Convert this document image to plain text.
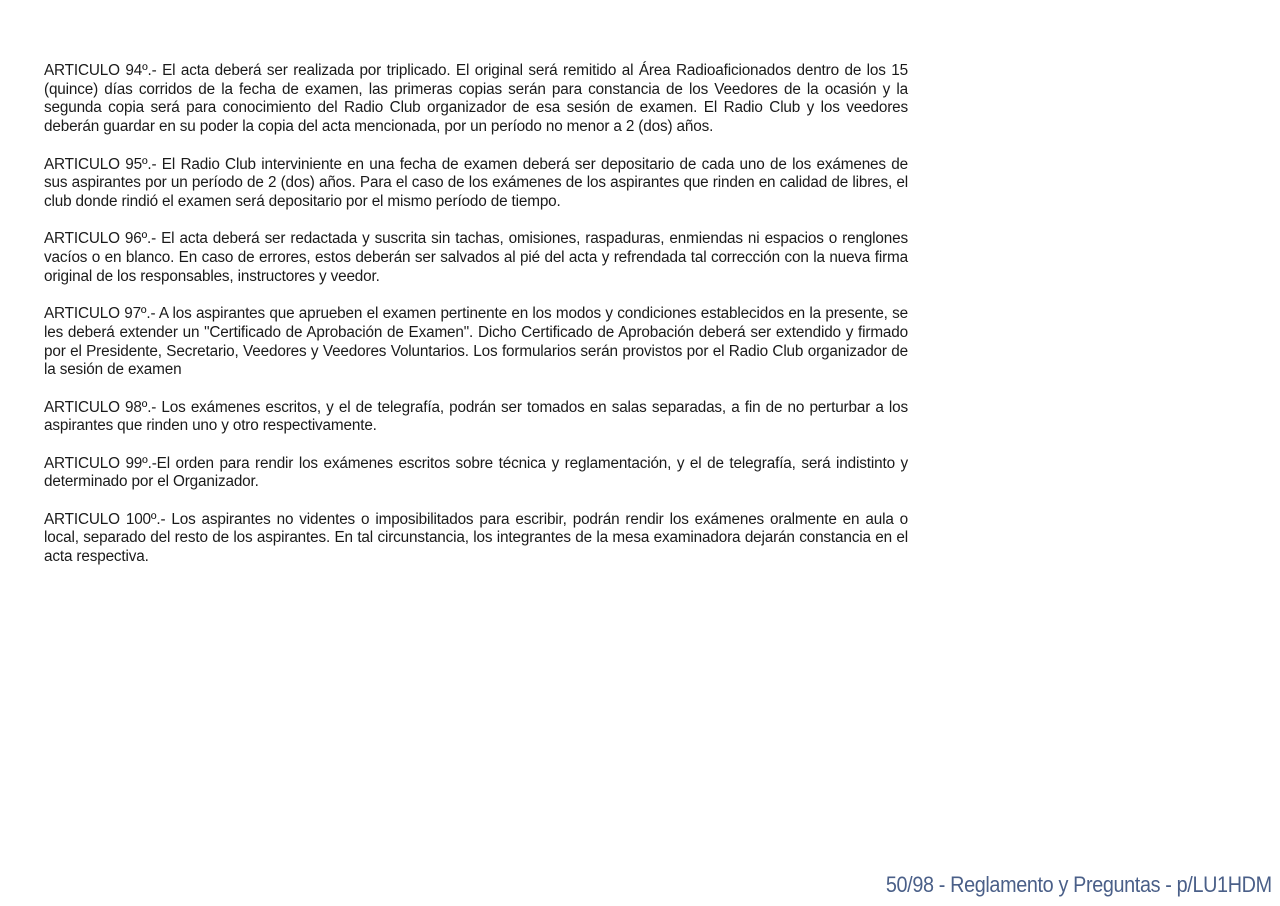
ARTICULO 94º.- El acta deberá ser realizada por triplicado. El original será remitido al Área Radioaficionados dentro de los 15 (quince) días corridos de la fecha de examen, las primeras copias serán para constancia de los Veedores de la ocasión y la segunda copia será para conocimiento del Radio Club organizador de esa sesión de examen. El Radio Club y los veedores deberán guardar en su poder la copia del acta mencionada, por un período no menor a 2 (dos) años.

ARTICULO 95º.- El Radio Club interviniente en una fecha de examen deberá ser depositario de cada uno de los exámenes de sus aspirantes por un período de 2 (dos) años. Para el caso de los exámenes de los aspirantes que rinden en calidad de libres, el club donde rindió el examen será depositario por el mismo período de tiempo.

ARTICULO 96º.- El acta deberá ser redactada y suscrita sin tachas, omisiones, raspaduras, enmiendas ni espacios o renglones vacíos o en blanco. En caso de errores, estos deberán ser salvados al pié del acta y refrendada tal corrección con la nueva firma original de los responsables, instructores y veedor.

ARTICULO 97º.- A los aspirantes que aprueben el examen pertinente en los modos y condiciones establecidos en la presente, se les deberá extender un "Certificado de Aprobación de Examen". Dicho Certificado de Aprobación deberá ser extendido y firmado por el Presidente, Secretario, Veedores y Veedores Voluntarios. Los formularios serán provistos por el Radio Club organizador de la sesión de examen

ARTICULO 98º.- Los exámenes escritos, y el de telegrafía, podrán ser tomados en salas separadas, a fin de no perturbar a los aspirantes que rinden uno y otro respectivamente.

ARTICULO 99º.-El orden para rendir los exámenes escritos sobre técnica y reglamentación, y el de telegrafía, será indistinto y determinado por el Organizador.

ARTICULO 100º.- Los aspirantes no videntes o imposibilitados para escribir, podrán rendir los exámenes oralmente en aula o local, separado del resto de los aspirantes. En tal circunstancia, los integrantes de la mesa examinadora dejarán constancia en el acta respectiva.

50/98 - Reglamento y Preguntas - p/LU1HDM
